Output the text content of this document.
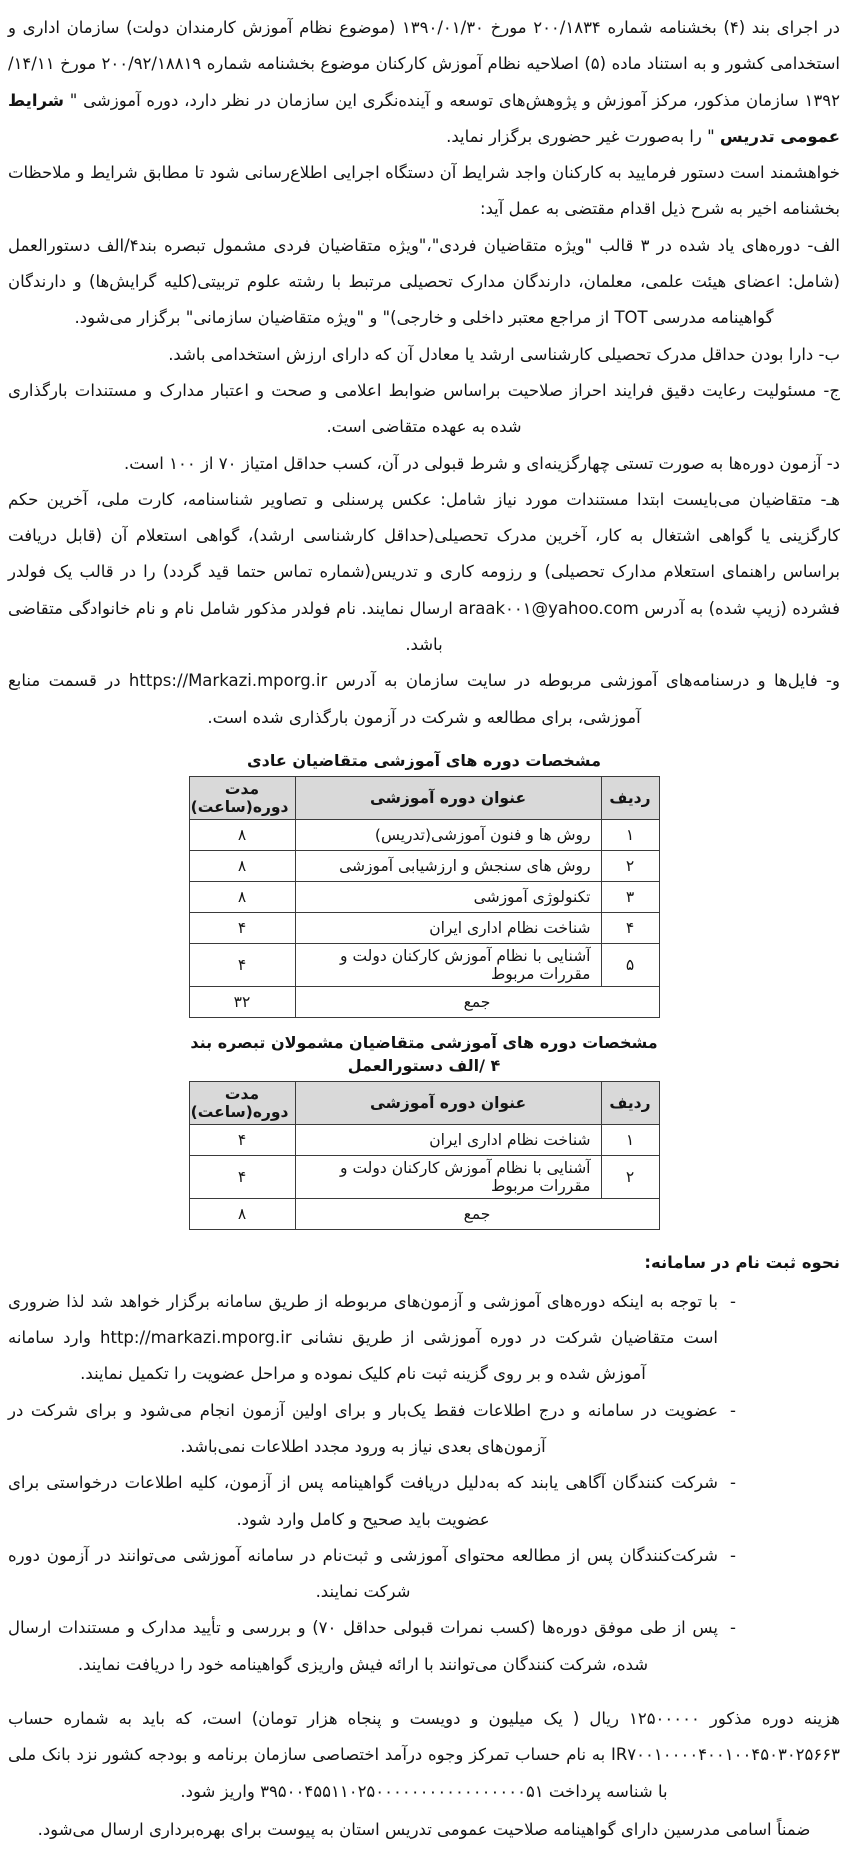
در اجرای بند (۴) بخشنامه شماره ۲۰۰/۱۸۳۴ مورخ ۱۳۹۰/۰۱/۳۰ (موضوع نظام آموزش کارمندان دولت) سازمان اداری و استخدامی کشور و به استناد ماده (۵) اصلاحیه نظام آموزش کارکنان موضوع بخشنامه شماره ۲۰۰/۹۲/۱۸۸۱۹ مورخ ۱۴/۱۱/ ۱۳۹۲ سازمان مذکور، مرکز آموزش و پژوهش‌های توسعه و آینده‌نگری این سازمان در نظر دارد، دوره آموزشی " شرایط عمومی تدریس " را به‌صورت غیر حضوری برگزار نماید.

خواهشمند است دستور فرمایید به کارکنان واجد شرایط آن دستگاه اجرایی اطلاع‌رسانی شود تا مطابق شرایط و ملاحظات بخشنامه اخیر به شرح ذیل اقدام مقتضی به عمل آید:

الف- دوره‌های یاد شده در ۳ قالب "ویژه متقاضیان فردی"،"ویژه متقاضیان فردی مشمول تبصره بند۴/الف دستورالعمل (شامل: اعضای هیئت علمی، معلمان، دارندگان مدارک تحصیلی مرتبط با رشته علوم تربیتی(کلیه گرایش‌ها) و دارندگان گواهینامه مدرسی TOT از مراجع معتبر داخلی و خارجی)" و "ویژه متقاضیان سازمانی" برگزار می‌شود.

ب- دارا بودن حداقل مدرک تحصیلی کارشناسی ارشد یا معادل آن که دارای ارزش استخدامی باشد.

ج- مسئولیت رعایت دقیق فرایند احراز صلاحیت براساس ضوابط اعلامی و صحت و اعتبار مدارک و مستندات بارگذاری شده به عهده متقاضی است.

د- آزمون دوره‌ها به صورت تستی چهارگزینه‌ای و شرط قبولی در آن، کسب حداقل امتیاز ۷۰ از ۱۰۰ است.

هـ- متقاضیان می‌بایست ابتدا مستندات مورد نیاز شامل: عکس پرسنلی و تصاویر شناسنامه، کارت ملی، آخرین حکم کارگزینی یا گواهی اشتغال به کار، آخرین مدرک تحصیلی(حداقل کارشناسی ارشد)، گواهی استعلام آن (قابل دریافت براساس راهنمای استعلام مدارک تحصیلی) و رزومه کاری و تدریس(شماره تماس حتما قید گردد) را در قالب یک فولدر فشرده (زیپ شده) به آدرس araak۰۰۱@yahoo.com ارسال نمایند. نام فولدر مذکور شامل نام و نام خانوادگی متقاضی باشد.

و- فایل‌ها و درسنامه‌های آموزشی مربوطه در سایت سازمان به آدرس https://Markazi.mporg.ir در قسمت منابع آموزشی، برای مطالعه و شرکت در آزمون بارگذاری شده است.

مشخصات دوره های آموزشی متقاضیان عادی
ردیف	عنوان دوره آموزشی	مدت دوره(ساعت)
۱	روش ها و فنون آموزشی(تدریس)	۸
۲	روش های سنجش و ارزشیابی آموزشی	۸
۳	تکنولوژی آموزشی	۸
۴	شناخت نظام اداری ایران	۴
۵	آشنایی با نظام آموزش کارکنان دولت و مقررات مربوط	۴
جمع		۳۲
مشخصات دوره های آموزشی متقاضیان مشمولان تبصره بند ۴ /الف دستورالعمل
ردیف	عنوان دوره آموزشی	مدت دوره(ساعت)
۱	شناخت نظام اداری ایران	۴
۲	آشنایی با نظام آموزش کارکنان دولت و مقررات مربوط	۴
جمع		۸
نحوه ثبت نام در سامانه:
-
با توجه به اینکه دوره‌های آموزشی و آزمون‌های مربوطه از طریق سامانه برگزار خواهد شد لذا ضروری است متقاضیان شرکت در دوره آموزشی از طریق نشانی http://markazi.mporg.ir وارد سامانه آموزش شده و بر روی گزینه ثبت نام کلیک نموده و مراحل عضویت را تکمیل نمایند.
-
عضویت در سامانه و درج اطلاعات فقط یک‌بار و برای اولین آزمون انجام می‌شود و برای شرکت در آزمون‌های بعدی نیاز به ورود مجدد اطلاعات نمی‌باشد.
-
شرکت کنندگان آگاهی یابند که به‌دلیل دریافت گواهینامه پس از آزمون، کلیه اطلاعات درخواستی برای عضویت باید صحیح و کامل وارد شود.
-
شرکت‌کنندگان پس از مطالعه محتوای آموزشی و ثبت‌نام در سامانه آموزشی می‌توانند در آزمون دوره شرکت نمایند.
-
پس از طی موفق دوره‌ها (کسب نمرات قبولی حداقل ۷۰) و بررسی و تأیید مدارک و مستندات ارسال شده، شرکت کنندگان می‌توانند با ارائه فیش واریزی گواهینامه خود را دریافت نمایند.

هزینه دوره مذکور ۱۲۵۰۰۰۰۰ ریال ( یک میلیون و دویست و پنجاه هزار تومان) است، که باید به شماره حساب IR۷۰۰۱۰۰۰۰۴۰۰۱۰۰۴۵۰۳۰۲۵۶۶۳ به نام حساب تمرکز وجوه درآمد اختصاصی سازمان برنامه و بودجه کشور نزد بانک ملی با شناسه پرداخت ۳۹۵۰۰۴۵۵۱۱۰۲۵۰۰۰۰۰۰۰۰۰۰۰۰۰۰۰۰۰۵۱ واریز شود.

ضمناً اسامی مدرسین دارای گواهینامه صلاحیت عمومی تدریس استان به پیوست برای بهره‌برداری ارسال می‌شود.
